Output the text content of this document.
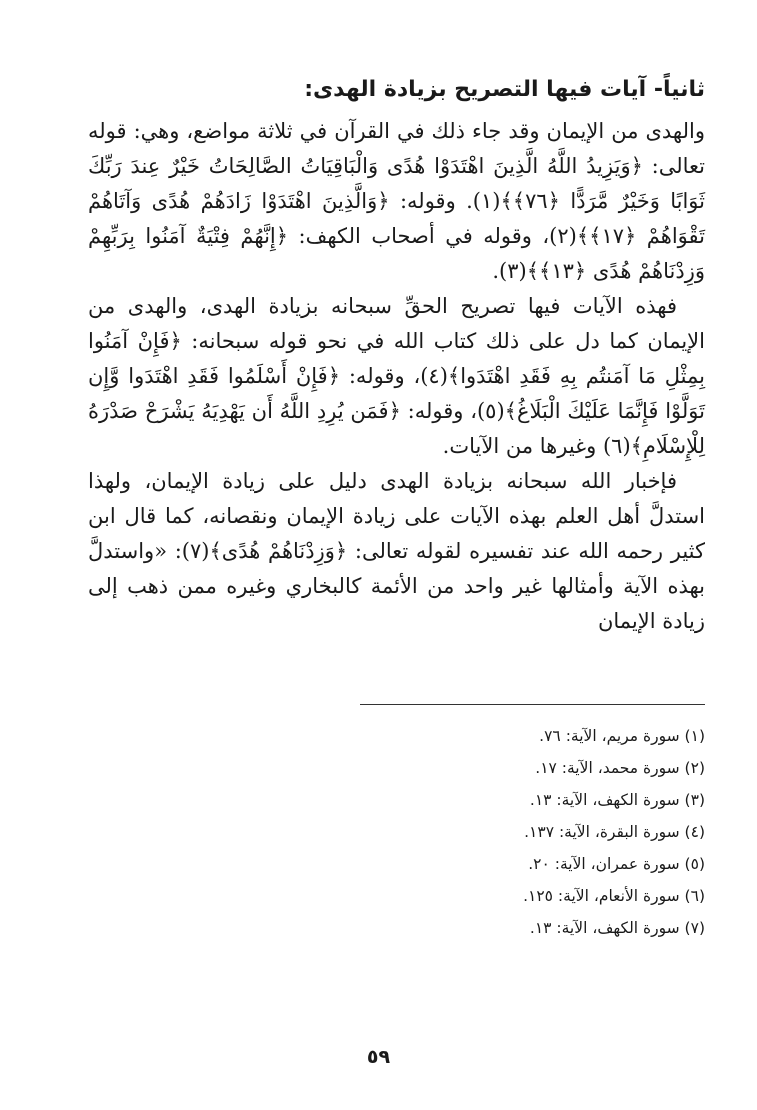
ثانياً- آيات فيها التصريح بزيادة الهدى:

والهدى من الإيمان وقد جاء ذلك في القرآن في ثلاثة مواضع، وهي: قوله تعالى: ﴿وَيَزِيدُ اللَّهُ الَّذِينَ اهْتَدَوْا هُدًى وَالْبَاقِيَاتُ الصَّالِحَاتُ خَيْرٌ عِندَ رَبِّكَ ثَوَابًا وَخَيْرٌ مَّرَدًّا ﴿٧٦﴾﴾(١). وقوله: ﴿وَالَّذِينَ اهْتَدَوْا زَادَهُمْ هُدًى وَآتَاهُمْ تَقْوَاهُمْ ﴿١٧﴾﴾(٢)، وقوله في أصحاب الكهف: ﴿إِنَّهُمْ فِتْيَةٌ آمَنُوا بِرَبِّهِمْ وَزِدْنَاهُمْ هُدًى ﴿١٣﴾﴾(٣).

فهذه الآيات فيها تصريح الحقِّ سبحانه بزيادة الهدى، والهدى من الإيمان كما دل على ذلك كتاب الله في نحو قوله سبحانه: ﴿فَإِنْ آمَنُوا بِمِثْلِ مَا آمَنتُم بِهِ فَقَدِ اهْتَدَوا﴾(٤)، وقوله: ﴿فَإِنْ أَسْلَمُوا فَقَدِ اهْتَدَوا وَّإِن تَوَلَّوْا فَإِنَّمَا عَلَيْكَ الْبَلَاغُ﴾(٥)، وقوله: ﴿فَمَن يُرِدِ اللَّهُ أَن يَهْدِيَهُ يَشْرَحْ صَدْرَهُ لِلْإِسْلَامِ﴾(٦) وغيرها من الآيات.

فإخبار الله سبحانه بزيادة الهدى دليل على زيادة الإيمان، ولهذا استدلَّ أهل العلم بهذه الآيات على زيادة الإيمان ونقصانه، كما قال ابن كثير رحمه الله عند تفسيره لقوله تعالى: ﴿وَزِدْنَاهُمْ هُدًى﴾(٧): «واستدلَّ بهذه الآية وأمثالها غير واحد من الأئمة كالبخاري وغيره ممن ذهب إلى زيادة الإيمان

(١) سورة مريم، الآية: ٧٦.
(٢) سورة محمد، الآية: ١٧.
(٣) سورة الكهف، الآية: ١٣.
(٤) سورة البقرة، الآية: ١٣٧.
(٥) سورة عمران، الآية: ٢٠.
(٦) سورة الأنعام، الآية: ١٢٥.
(٧) سورة الكهف، الآية: ١٣.
٥٩
